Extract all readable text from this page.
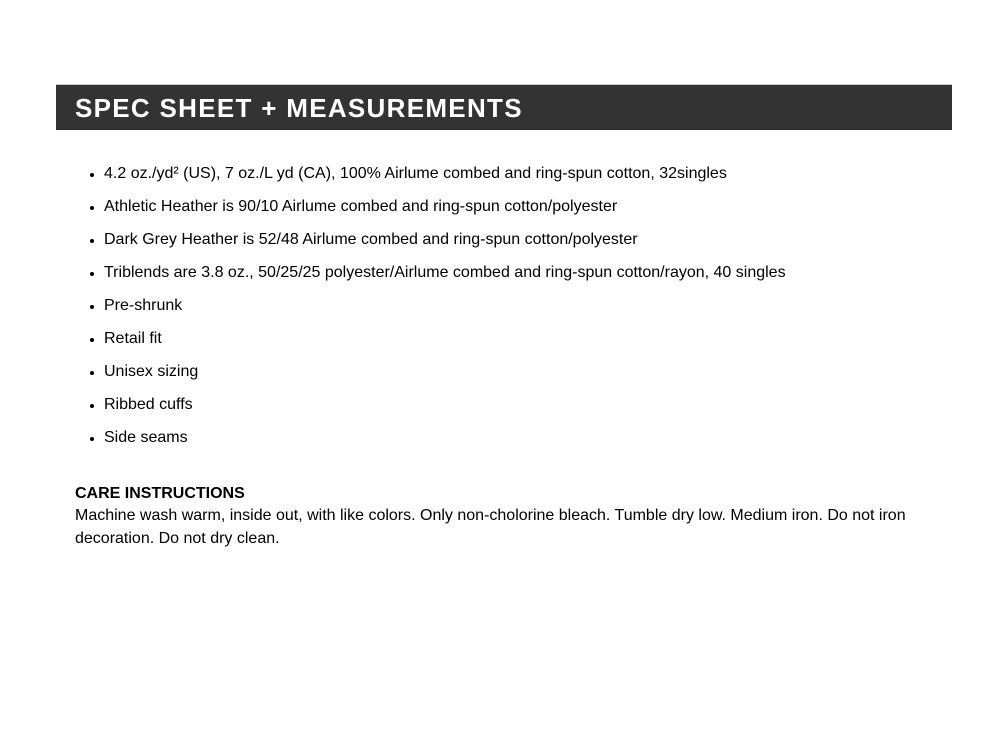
SPEC SHEET + MEASUREMENTS
• 4.2 oz./yd² (US), 7 oz./L yd (CA), 100% Airlume combed and ring-spun cotton, 32singles
• Athletic Heather is 90/10 Airlume combed and ring-spun cotton/polyester
• Dark Grey Heather is 52/48 Airlume combed and ring-spun cotton/polyester
• Triblends are 3.8 oz., 50/25/25 polyester/Airlume combed and ring-spun cotton/rayon, 40 singles
• Pre-shrunk
• Retail fit
• Unisex sizing
• Ribbed cuffs
• Side seams
CARE INSTRUCTIONS

Machine wash warm, inside out, with like colors. Only non-cholorine bleach. Tumble dry low. Medium iron. Do not iron decoration. Do not dry clean.
